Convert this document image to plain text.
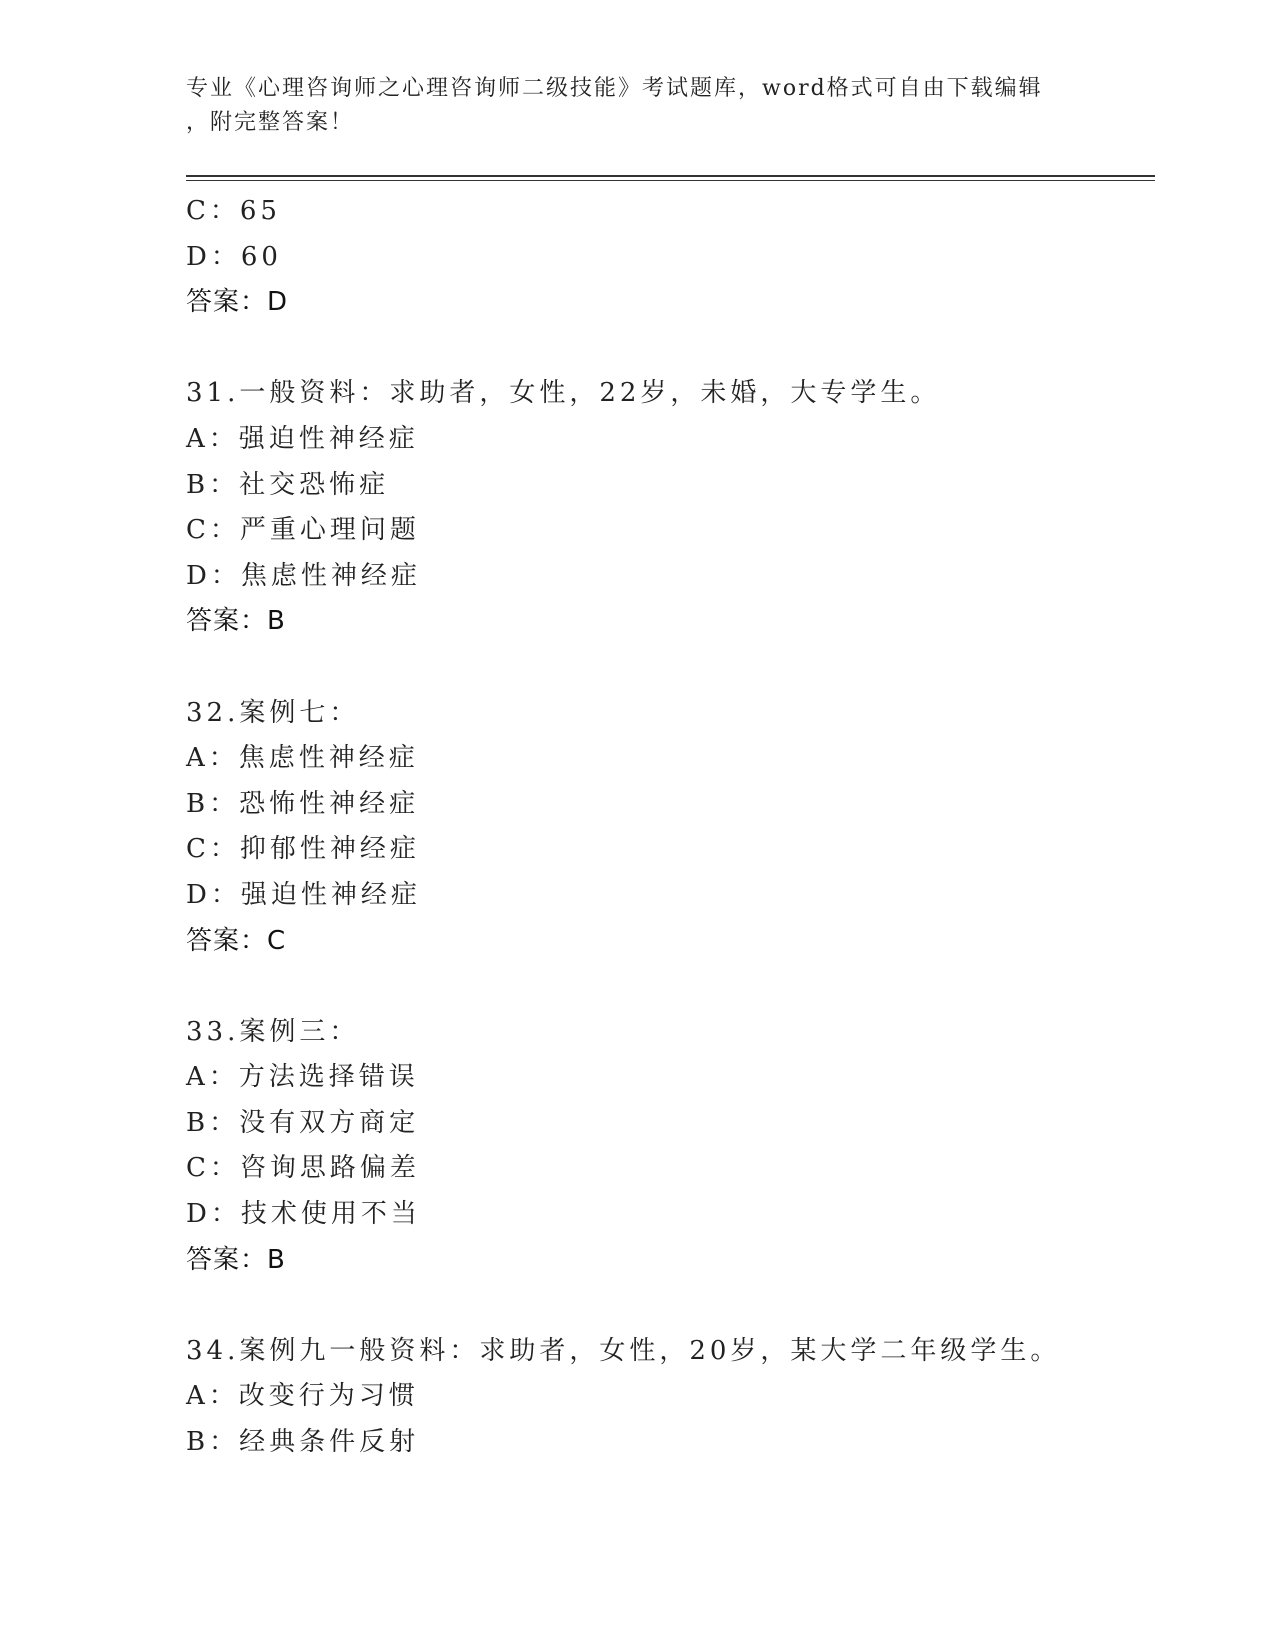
专业《心理咨询师之心理咨询师二级技能》考试题库，word格式可自由下载编辑
，附完整答案！
C：65
D：60
答案：D
31.一般资料：求助者，女性，22岁，未婚，大专学生。
A：强迫性神经症
B：社交恐怖症
C：严重心理问题
D：焦虑性神经症
答案：B
32.案例七：
A：焦虑性神经症
B：恐怖性神经症
C：抑郁性神经症
D：强迫性神经症
答案：C
33.案例三：
A：方法选择错误
B：没有双方商定
C：咨询思路偏差
D：技术使用不当
答案：B
34.案例九一般资料：求助者，女性，20岁，某大学二年级学生。
A：改变行为习惯
B：经典条件反射
